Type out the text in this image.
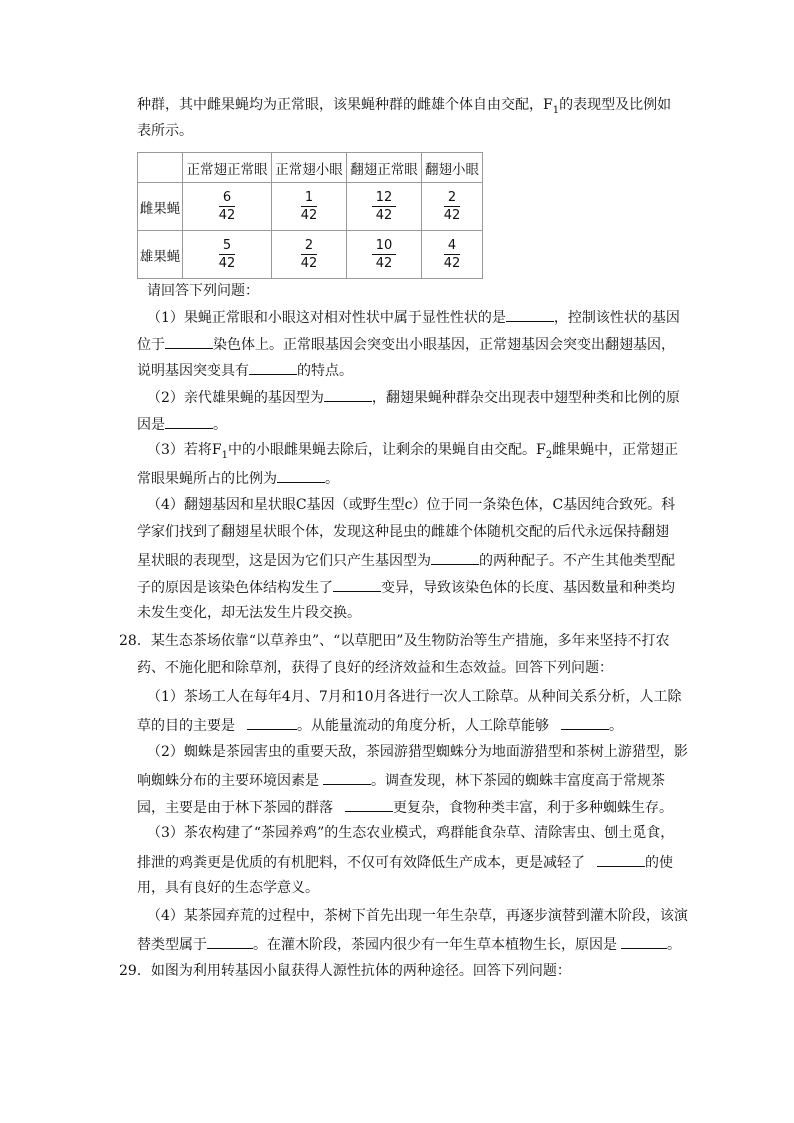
种群，其中雌果蝇均为正常眼，该果蝇种群的雌雄个体自由交配，$F_1$的表现型及比例如
表所示。
	正常翅正常眼	正常翅小眼	翻翅正常眼	翻翅小眼
雌果蝇	$\frac{6}{42}$	$\frac{1}{42}$	$\frac{12}{42}$	$\frac{2}{42}$

雄果蝇	$\frac{5}{42}$	$\frac{2}{42}$	$\frac{10}{42}$	$\frac{4}{42}$
请回答下列问题：
（1）果蝇正常眼和小眼这对相对性状中属于显性性状的是	，控制该性状的基因
位于	染色体上。正常眼基因会突变出小眼基因，正常翅基因会突变出翻翅基因，
说明基因突变具有	的特点。
（2）亲代雄果蝇的基因型为	，翻翅果蝇种群杂交出现表中翅型种类和比例的原
因是	。
（3）若将$F_1$中的小眼雌果蝇去除后，让剩余的果蝇自由交配。$F_2$雌果蝇中，正常翅正
常眼果蝇所占的比例为	。
（4）翻翅基因和星状眼C基因（或野生型c）位于同一条染色体，C基因纯合致死。科
学家们找到了翻翅星状眼个体，发现这种昆虫的雌雄个体随机交配的后代永远保持翻翅
星状眼的表现型，这是因为它们只产生基因型为	的两种配子。不产生其他类型配
子的原因是该染色体结构发生了	变异，导致该染色体的长度、基因数量和种类均
未发生变化，却无法发生片段交换。
28．某生态茶场依靠“以草养虫”、“以草肥田”及生物防治等生产措施，多年来坚持不打农
药、不施化肥和除草剂，获得了良好的经济效益和生态效益。回答下列问题：
（1）茶场工人在每年4月、7月和10月各进行一次人工除草。从种间关系分析，人工除
草的目的主要是	。从能量流动的角度分析，人工除草能够	。
（2）蜘蛛是茶园害虫的重要天敌，茶园游猎型蜘蛛分为地面游猎型和茶树上游猎型，影
响蜘蛛分布的主要环境因素是	。调查发现，林下茶园的蜘蛛丰富度高于常规茶
园，主要是由于林下茶园的群落	更复杂，食物种类丰富，利于多种蜘蛛生存。
（3）茶农构建了“茶园养鸡”的生态农业模式，鸡群能食杂草、清除害虫、刨土觅食，
排泄的鸡粪更是优质的有机肥料，不仅可有效降低生产成本，更是减轻了	的使
用，具有良好的生态学意义。
（4）某茶园弃荒的过程中，茶树下首先出现一年生杂草，再逐步演替到灌木阶段，该演
替类型属于	。在灌木阶段，茶园内很少有一年生草本植物生长，原因是	。
29．如图为利用转基因小鼠获得人源性抗体的两种途径。回答下列问题：
